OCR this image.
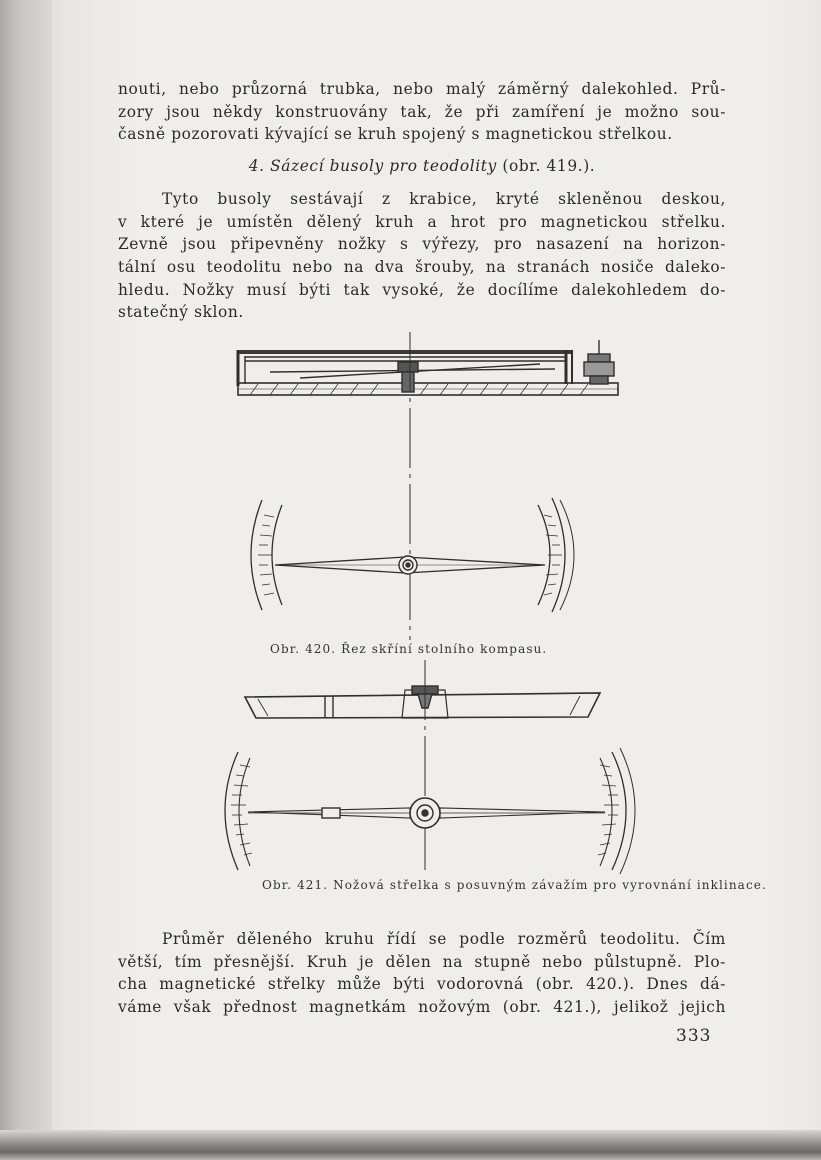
nouti, nebo průzorná trubka, nebo malý záměrný dalekohled. Prů-
zory jsou někdy konstruovány tak, že při zamíření je možno sou-
časně pozorovati kývající se kruh spojený s magnetickou střelkou.
4. Sázecí busoly pro teodolity (obr. 419.).
Tyto busoly sestávají z krabice, kryté skleněnou deskou,
v které je umístěn dělený kruh a hrot pro magnetickou střelku.
Zevně jsou připevněny nožky s výřezy, pro nasazení na horizon-
tální osu teodolitu nebo na dva šrouby, na stranách nosiče daleko-
hledu. Nožky musí býti tak vysoké, že docílíme dalekohledem do-
statečný sklon.
Obr. 420. Řez skříní stolního kompasu.
Obr. 421. Nožová střelka s posuvným závažím pro vyrovnání inklinace.
Průměr děleného kruhu řídí se podle rozměrů teodolitu. Čím
větší, tím přesnější. Kruh je dělen na stupně nebo půlstupně. Plo-
cha magnetické střelky může býti vodorovná (obr. 420.). Dnes dá-
váme však přednost magnetkám nožovým (obr. 421.), jelikož jejich
333
